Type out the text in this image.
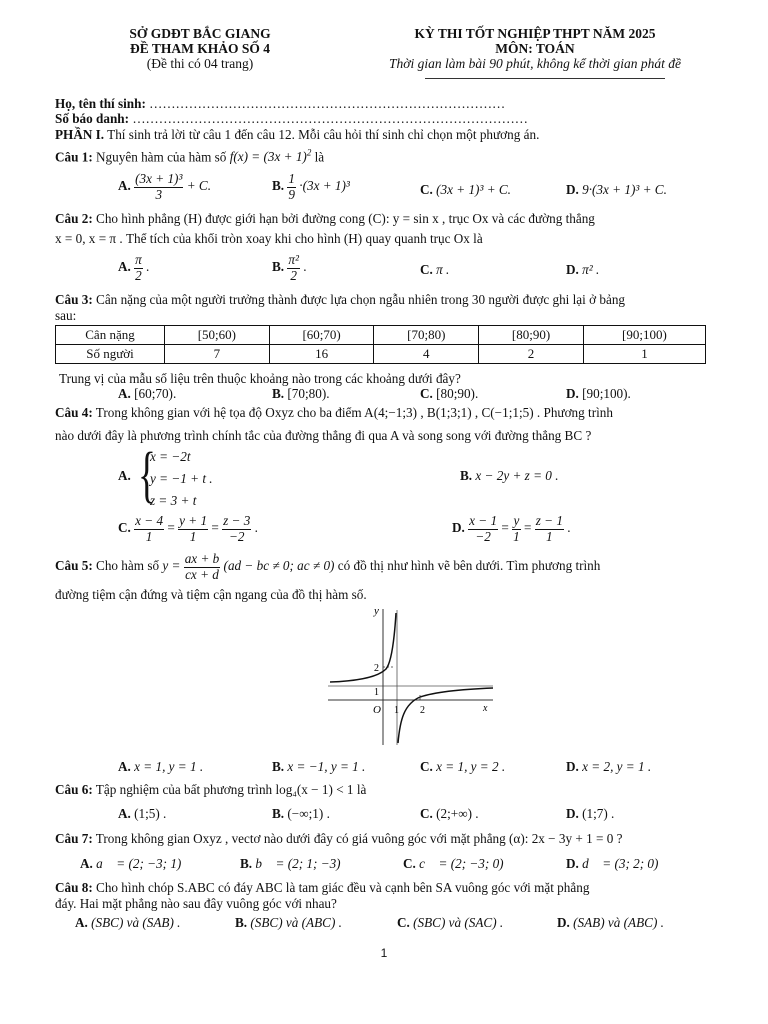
SỞ GDĐT BẮC GIANG
ĐỀ THAM KHẢO SỐ 4
(Đề thi có 04 trang)
KỲ THI TỐT NGHIỆP THPT NĂM 2025
MÔN: TOÁN
Thời gian làm bài 90 phút, không kể thời gian phát đề
Họ, tên thí sinh: ………………………………………………………………………
Số báo danh: ………………………………………………………………………………
PHẦN I. Thí sinh trả lời từ câu 1 đến câu 12. Mỗi câu hỏi thí sinh chỉ chọn một phương án.
Câu 1: Nguyên hàm của hàm số $f(x) = (3x + 1)^2$ là
A. $\frac{\text{(3x + 1)³}}{3} + C$.	B. $\frac{1}{9} \cdot(3x + 1)^3$	C. (3x + 1)³ + C.	D. 9·(3x + 1)³ + C.
Câu 2: Cho hình phẳng (H) được giới hạn bởi đường cong (C): y = sin x , trục Ox và các đường thẳng
x = 0, x = π . Thể tích của khối tròn xoay khi cho hình (H) quay quanh trục Ox là
A. $\frac{\pi}{2}$ .	B. $\frac{\text{π²}}{2}$ .	C. π .	D. π² .
Câu 3: Cân nặng của một người trưởng thành được lựa chọn ngẫu nhiên trong 30 người được ghi lại ở bảng
sau:
Cân nặng	[50;60)	[60;70)	[70;80)	[80;90)	[90;100)
Số người	7	16	4	2	1
Trung vị của mẫu số liệu trên thuộc khoảng nào trong các khoảng dưới đây?
A. [60;70).	B. [70;80).	C. [80;90).	D. [90;100).
Câu 4: Trong không gian với hệ tọa độ Oxyz cho ba điểm A(4;−1;3) , B(1;3;1) , C(−1;1;5) . Phương trình
nào dưới đây là phương trình chính tắc của đường thẳng đi qua A và song song với đường thẳng BC ?
A. {
x = −2t
y = −1 + t .
z = 3 + t
B. x − 2y + z = 0 .
C. $\frac{x - 4}{1} = \frac{y + 1}{1} = \frac{z - 3}{-2}$ .	D. $\frac{x - 1}{-2} = \frac{y}{1} = \frac{z - 1}{1}$ .
Câu 5: Cho hàm số $y = \frac{ax + b}{cx + d} (ad$ − bc ≠ 0; ac ≠ 0) có đồ thị như hình vẽ bên dưới. Tìm phương trình
đường tiệm cận đứng và tiệm cận ngang của đồ thị hàm số.
y
x
O 1 2
1
2
A. x = 1, y = 1 .	B. x = −1, y = 1 .	C. x = 1, y = 2 .	D. x = 2, y = 1 .
Câu 6: Tập nghiệm của bất phương trình log₄(x − 1) < 1 là
A. (1;5) .	B. (−∞;1) .	C. (2;+∞) .	D. (1;7) .
Câu 7: Trong không gian Oxyz , vectơ nào dưới đây có giá vuông góc với mặt phẳng (α): 2x − 3y + 1 = 0 ?
A. a⃗ = (2; −3; 1)	B. b⃗ = (2; 1; −3)	C. c⃗ = (2; −3; 0)	D. d⃗ = (3; 2; 0)
Câu 8: Cho hình chóp S.ABC có đáy ABC là tam giác đều và cạnh bên SA vuông góc với mặt phẳng
đáy. Hai mặt phẳng nào sau đây vuông góc với nhau?
A. (SBC) và (SAB) .	B. (SBC) và (ABC) .	C. (SBC) và (SAC) .	D. (SAB) và (ABC) .
1
